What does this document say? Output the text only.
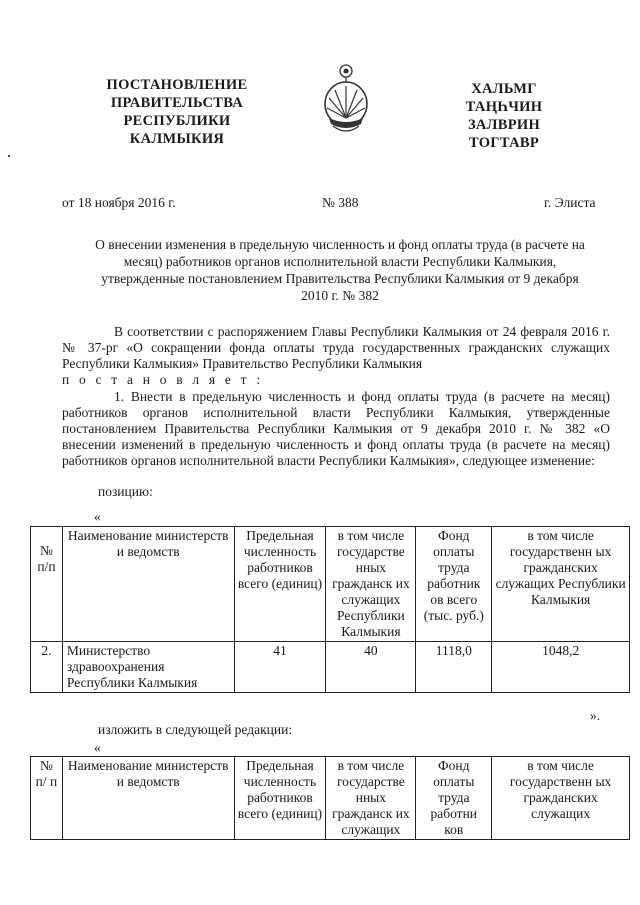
ПОСТАНОВЛЕНИЕ
ПРАВИТЕЛЬСТВА
РЕСПУБЛИКИ
КАЛМЫКИЯ
ХАЛЬМГ
ТАҢҺЧИН
ЗАЛВРИН
ТОГТАВР
от 18 ноября 2016 г.	№ 388	г. Элиста
О внесении изменения в предельную численность и фонд оплаты труда (в расчете на
месяц) работников органов исполнительной власти Республики Калмыкия,
утвержденные постановлением Правительства Республики Калмыкия от 9 декабря
2010 г. № 382
В соответствии с распоряжением Главы Республики Калмыкия от 24 февраля 2016 г. № 37-рг «О сокращении фонда оплаты труда государственных гражданских служащих Республики Калмыкия» Правительство Республики Калмыкия
п о с т а н о в л я е т :
1. Внести в предельную численность и фонд оплаты труда (в расчете на месяц) работников органов исполнительной власти Республики Калмыкия, утвержденные постановлением Правительства Республики Калмыкия от 9 декабря 2010 г. № 382 «О внесении изменений в предельную численность и фонд оплаты труда (в расчете на месяц) работников органов исполнительной власти Республики Калмыкия», следующее изменение:
позицию:
«
№ п/п	Наименование министерств и ведомств	Предельная численность работников всего (единиц)	в том числе государстве нных гражданск их служащих Республики Калмыкия	Фонд оплаты труда работник ов всего (тыс. руб.)	в том числе государственн ых гражданских служащих Республики Калмыкия
2.	Министерство здравоохранения Республики Калмыкия	41	40	1118,0	1048,2
».
изложить в следующей редакции:
«
№ п/ п	Наименование министерств и ведомств	Предельная численность работников всего (единиц)	в том числе государстве нных гражданск их служащих	Фонд оплаты труда работни ков	в том числе государственн ых гражданских служащих
